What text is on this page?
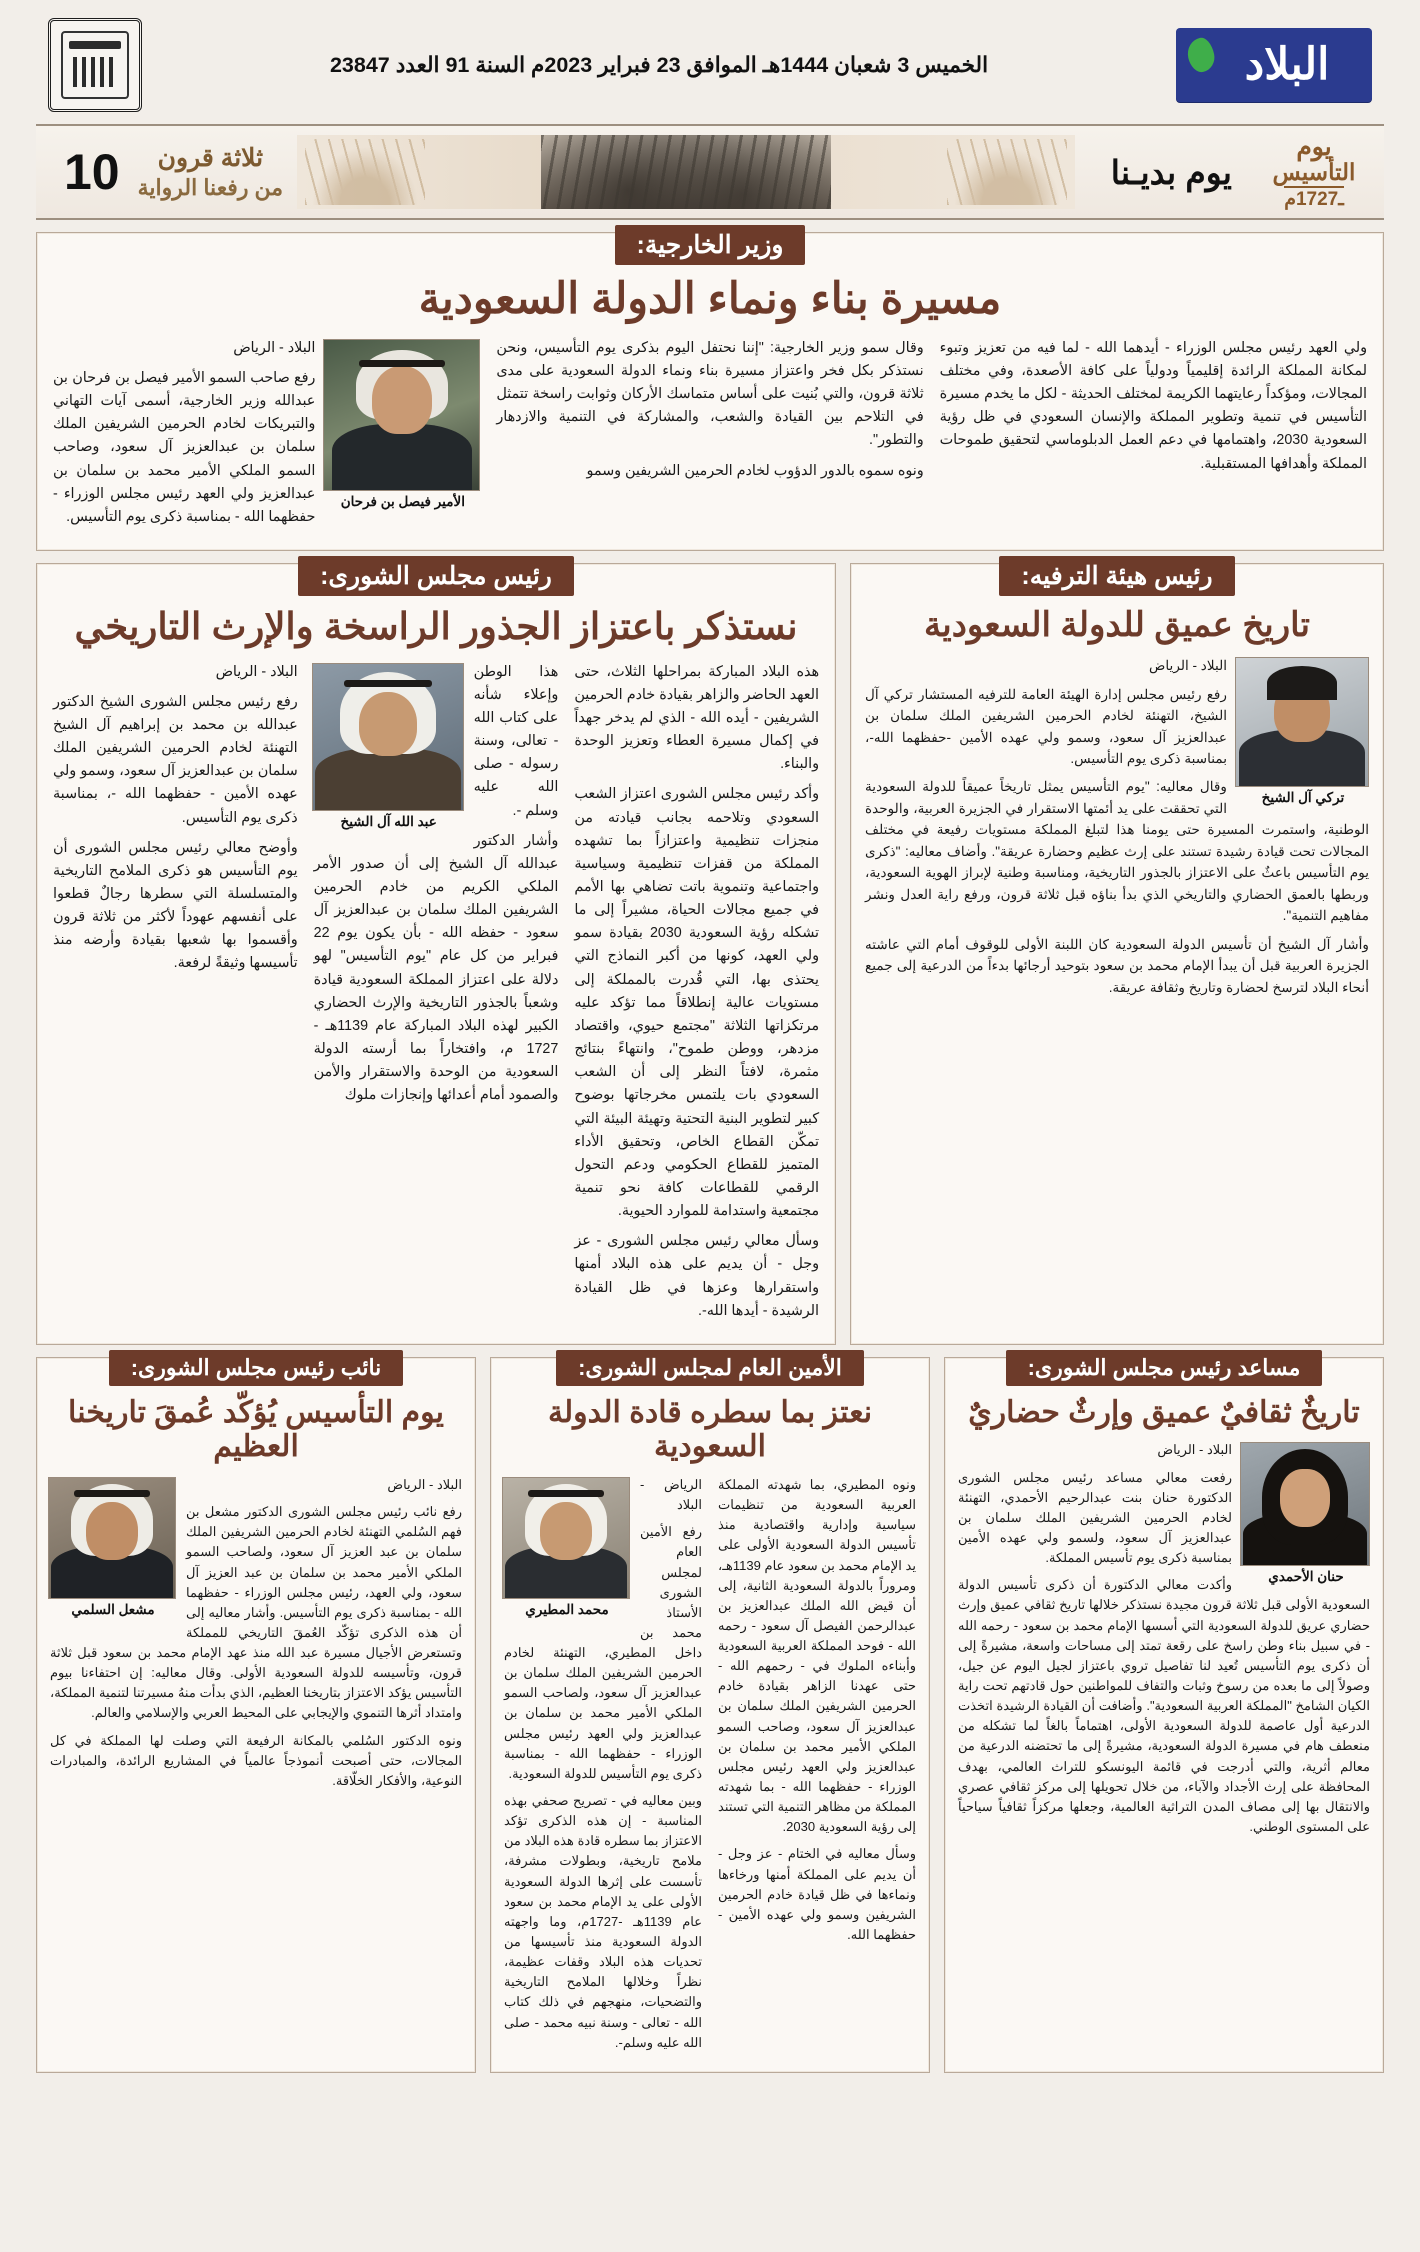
البلاد
الخميس 3 شعبان 1444هـ الموافق 23 فبراير 2023م السنة 91 العدد 23847
يوم
التأسيس
ـ1727م
يوم بديـنا
ثلاثة قرون
من رفعنا الرواية
10
وزير الخارجية:
مسيرة بناء ونماء الدولة السعودية

ولي العهد رئيس مجلس الوزراء - أيدهما الله - لما فيه من تعزيز وتبوء لمكانة المملكة الرائدة إقليمياً ودولياً على كافة الأصعدة، وفي مختلف المجالات، ومؤكداً رعايتهما الكريمة لمختلف الحديثة - لكل ما يخدم مسيرة التأسيس في تنمية وتطوير المملكة والإنسان السعودي في ظل رؤية السعودية 2030، واهتمامها في دعم العمل الدبلوماسي لتحقيق طموحات المملكة وأهدافها المستقبلية.

وقال سمو وزير الخارجية: "إننا نحتفل اليوم بذكرى يوم التأسيس، ونحن نستذكر بكل فخر واعتزاز مسيرة بناء ونماء الدولة السعودية على مدى ثلاثة قرون، والتي بُنيت على أساس متماسك الأركان وثوابت راسخة تتمثل في التلاحم بين القيادة والشعب، والمشاركة في التنمية والازدهار والتطور".

ونوه سموه بالدور الدؤوب لخادم الحرمين الشريفين وسمو

الأمير فيصل بن فرحان

البلاد - الرياض

رفع صاحب السمو الأمير فيصل بن فرحان بن عبدالله وزير الخارجية، أسمى آيات التهاني والتبريكات لخادم الحرمين الشريفين الملك سلمان بن عبدالعزيز آل سعود، وصاحب السمو الملكي الأمير محمد بن سلمان بن عبدالعزيز ولي العهد رئيس مجلس الوزراء - حفظهما الله - بمناسبة ذكرى يوم التأسيس.

رئيس هيئة الترفيه:
تاريخ عميق للدولة السعودية
تركي آل الشيخ

البلاد - الرياض

رفع رئيس مجلس إدارة الهيئة العامة للترفيه المستشار تركي آل الشيخ، التهنئة لخادم الحرمين الشريفين الملك سلمان بن عبدالعزيز آل سعود، وسمو ولي عهده الأمين -حفظهما الله-، بمناسبة ذكرى يوم التأسيس.

وقال معاليه: "يوم التأسيس يمثل تاريخاً عميقاً للدولة السعودية التي تحققت على يد أئمتها الاستقرار في الجزيرة العربية، والوحدة الوطنية، واستمرت المسيرة حتى يومنا هذا لتبلغ المملكة مستويات رفيعة في مختلف المجالات تحت قيادة رشيدة تستند على إرث عظيم وحضارة عريقة". وأضاف معاليه: "ذكرى يوم التأسيس باعثٌ على الاعتزاز بالجذور التاريخية، ومناسبة وطنية لإبراز الهوية السعودية، وربطها بالعمق الحضاري والتاريخي الذي بدأ بناؤه قبل ثلاثة قرون، ورفع راية العدل ونشر مفاهيم التنمية".

وأشار آل الشيخ أن تأسيس الدولة السعودية كان اللبنة الأولى للوقوف أمام التي عاشته الجزيرة العربية قبل أن يبدأ الإمام محمد بن سعود بتوحيد أرجائها بدءاً من الدرعية إلى جميع أنحاء البلاد لترسخ لحضارة وتاريخ وثقافة عريقة.

رئيس مجلس الشورى:
نستذكر باعتزاز الجذور الراسخة والإرث التاريخي

هذه البلاد المباركة بمراحلها الثلاث، حتى العهد الحاضر والزاهر بقيادة خادم الحرمين الشريفين - أيده الله - الذي لم يدخر جهداً في إكمال مسيرة العطاء وتعزيز الوحدة والبناء.

وأكد رئيس مجلس الشورى اعتزاز الشعب السعودي وتلاحمه بجانب قيادته من منجزات تنظيمية واعتزازاً بما تشهده المملكة من قفزات تنظيمية وسياسية واجتماعية وتنموية باتت تضاهي بها الأمم في جميع مجالات الحياة، مشيراً إلى ما تشكله رؤية السعودية 2030 بقيادة سمو ولي العهد، كونها من أكبر النماذج التي يحتذى بها، التي قُدرت بالمملكة إلى مستويات عالية إنطلاقاً مما تؤكد عليه مرتكزاتها الثلاثة "مجتمع حيوي، واقتصاد مزدهر، ووطن طموح"، وانتهاءً بنتائج مثمرة، لافتاً النظر إلى أن الشعب السعودي بات يلتمس مخرجاتها بوضوح كبير لتطوير البنية التحتية وتهيئة البيئة التي تمكّن القطاع الخاص، وتحقيق الأداء المتميز للقطاع الحكومي ودعم التحول الرقمي للقطاعات كافة نحو تنمية مجتمعية واستدامة للموارد الحيوية.

وسأل معالي رئيس مجلس الشورى - عز وجل - أن يديم على هذه البلاد أمنها واستقرارها وعزها في ظل القيادة الرشيدة - أيدها الله-.

عبد الله آل الشيخ

هذا الوطن وإعلاء شأنه على كتاب الله - تعالى، وسنة رسوله - صلى الله عليه وسلم -.

وأشار الدكتور عبدالله آل الشيخ إلى أن صدور الأمر الملكي الكريم من خادم الحرمين الشريفين الملك سلمان بن عبدالعزيز آل سعود - حفظه الله - بأن يكون يوم 22 فبراير من كل عام "يوم التأسيس" لهو دلالة على اعتزاز المملكة السعودية قيادة وشعباً بالجذور التاريخية والإرث الحضاري الكبير لهذه البلاد المباركة عام 1139هـ - 1727 م، وافتخاراً بما أرسته الدولة السعودية من الوحدة والاستقرار والأمن والصمود أمام أعدائها وإنجازات ملوك

البلاد - الرياض

رفع رئيس مجلس الشورى الشيخ الدكتور عبدالله بن محمد بن إبراهيم آل الشيخ التهنئة لخادم الحرمين الشريفين الملك سلمان بن عبدالعزيز آل سعود، وسمو ولي عهده الأمين - حفظهما الله -، بمناسبة ذكرى يوم التأسيس.

وأوضح معالي رئيس مجلس الشورى أن يوم التأسيس هو ذكرى الملامح التاريخية والمتسلسلة التي سطرها رجالٌ قطعوا على أنفسهم عهوداً لأكثر من ثلاثة قرون وأقسموا بها شعبها بقيادة وأرضه منذ تأسيسها وثيقةً لرفعة.

مساعد رئيس مجلس الشورى:
تاريخٌ ثقافيٌ عميق وإرثٌ حضاريٌ
حنان الأحمدي

البلاد - الرياض

رفعت معالي مساعد رئيس مجلس الشورى الدكتورة حنان بنت عبدالرحيم الأحمدي، التهنئة لخادم الحرمين الشريفين الملك سلمان بن عبدالعزيز آل سعود، ولسمو ولي عهده الأمين بمناسبة ذكرى يوم تأسيس المملكة.

وأكدت معالي الدكتورة أن ذكرى تأسيس الدولة السعودية الأولى قبل ثلاثة قرون مجيدة نستذكر خلالها تاريخ ثقافي عميق وإرث حضاري عريق للدولة السعودية التي أسسها الإمام محمد بن سعود - رحمه الله - في سبيل بناء وطن راسخ على رقعة تمتد إلى مساحات واسعة، مشيرةً إلى أن ذكرى يوم التأسيس تُعيد لنا تفاصيل تروي باعتزاز لجيل اليوم عن جيل، وصولاً إلى ما بعده من رسوخ وثبات والتفاف للمواطنين حول قادتهم تحت راية الكيان الشامخ "المملكة العربية السعودية". وأضافت أن القيادة الرشيدة اتخذت الدرعية أول عاصمة للدولة السعودية الأولى، اهتماماً بالغاً لما تشكله من منعطف هام في مسيرة الدولة السعودية، مشيرةً إلى ما تحتضنه الدرعية من معالم أثرية، والتي أدرجت في قائمة اليونسكو للتراث العالمي، بهدف المحافظة على إرث الأجداد والآباء، من خلال تحويلها إلى مركز ثقافي عصري والانتقال بها إلى مصاف المدن التراثية العالمية، وجعلها مركزاً ثقافياً سياحياً على المستوى الوطني.

الأمين العام لمجلس الشورى:
نعتز بما سطره قادة الدولة السعودية

ونوه المطيري، بما شهدته المملكة العربية السعودية من تنظيمات سياسية وإدارية واقتصادية منذ تأسيس الدولة السعودية الأولى على يد الإمام محمد بن سعود عام 1139هـ، ومروراً بالدولة السعودية الثانية، إلى أن قيض الله الملك عبدالعزيز بن عبدالرحمن الفيصل آل سعود - رحمه الله - فوحد المملكة العربية السعودية وأبناءه الملوك في - رحمهم الله - حتى عهدنا الزاهر بقيادة خادم الحرمين الشريفين الملك سلمان بن عبدالعزيز آل سعود، وصاحب السمو الملكي الأمير محمد بن سلمان بن عبدالعزيز ولي العهد رئيس مجلس الوزراء - حفظهما الله - بما شهدته المملكة من مظاهر التنمية التي تستند إلى رؤية السعودية 2030.

وسأل معاليه في الختام - عز وجل - أن يديم على المملكة أمنها ورخاءها ونماءها في ظل قيادة خادم الحرمين الشريفين وسمو ولي عهده الأمين - حفظهما الله.

محمد المطيري

الرياض - البلاد

رفع الأمين العام لمجلس الشورى الأستاذ محمد بن داخل المطيري، التهنئة لخادم الحرمين الشريفين الملك سلمان بن عبدالعزيز آل سعود، ولصاحب السمو الملكي الأمير محمد بن سلمان بن عبدالعزيز ولي العهد رئيس مجلس الوزراء - حفظهما الله - بمناسبة ذكرى يوم التأسيس للدولة السعودية.

وبين معاليه في - تصريح صحفي بهذه المناسبة - إن هذه الذكرى تؤكد الاعتزاز بما سطره قادة هذه البلاد من ملامح تاريخية، وبطولات مشرفة، تأسست على إثرها الدولة السعودية الأولى على يد الإمام محمد بن سعود عام 1139هـ -1727م، وما واجهته الدولة السعودية منذ تأسيسها من تحديات هذه البلاد وقفات عظيمة، نظراً وخلالها الملامح التاريخية والتضحيات، منهجهم في ذلك كتاب الله - تعالى - وسنة نبيه محمد - صلى الله عليه وسلم-.

نائب رئيس مجلس الشورى:
يوم التأسيس يُؤكّد عُمقَ تاريخنا العظيم
مشعل السلمي

البلاد - الرياض

رفع نائب رئيس مجلس الشورى الدكتور مشعل بن فهم السُلمي التهنئة لخادم الحرمين الشريفين الملك سلمان بن عبد العزيز آل سعود، ولصاحب السمو الملكي الأمير محمد بن سلمان بن عبد العزيز آل سعود، ولي العهد، رئيس مجلس الوزراء - حفظهما الله - بمناسبة ذكرى يوم التأسيس. وأشار معاليه إلى أن هذه الذكرى تؤكّد العُمقَ التاريخي للمملكة وتستعرض الأجيال مسيرة عبد الله منذ عهد الإمام محمد بن سعود قبل ثلاثة قرون، وتأسيسه للدولة السعودية الأولى. وقال معاليه: إن احتفاءنا بيوم التأسيس يؤكد الاعتزاز بتاريخنا العظيم، الذي بدأت منهُ مسيرتنا لتنمية المملكة، وامتداد أثرها التنموي والإيجابي على المحيط العربي والإسلامي والعالم.

ونوه الدكتور السُلمي بالمكانة الرفيعة التي وصلت لها المملكة في كل المجالات، حتى أصبحت أنموذجاً عالمياً في المشاريع الرائدة، والمبادرات النوعية، والأفكار الخلّاقة.
